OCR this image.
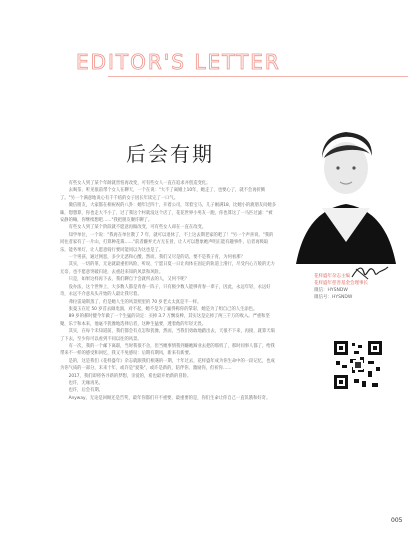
EDITOR'S LETTER
后会有期

有些女人到了某个年龄就害怕再改变，可有些女人一直在追求并创造变化。

去喝茶，听见很前带个女人在聊天，一个在说："大不了离婚上10年，她走了，也要心了，就不会再折腾了。"另一个满意地说心有千千结的女子因长年读完了一口气。

微信朋友，大家都在相祝祝的八卦：她年过四十，开着公司，驾着宝马，儿子刚满18，比她小的鹿朋友问她多睐，想想算，你也走大不小了，过了我这个村就没这个店了，花花世界小男友一跑，你也算这了一马匹过滤："被安静的嘛，你继续想吧……"我把朋友聚许聊了。

有些女人到了某个阶段就不愿意再做改变，可有些女人却在一直在改变。

知学单位，一个说："我再在单位教了 7 年，就可以退休了，不上这去期老家的吧了！"另一个声喜说，"我的同往者家有了一片山，打算种花裁……"前者嫌弃尤方无在曾，让人可以想象她声明正能有趣事件，后者再吸取乐，能务果灯，让人愿意骑行要同能同以为这也是了。

一个男孩，通过网恶，多少无恶和心酸，然而，我们又尽是的话，要不是我子育，为何看那？

其实，一切的罪，无论就最重担风险，听说，宁愿日夏一日让肉体在固定的轨道上滑行，尽受内心万般的无力无奈，也不愿意突破归途，去重赶来知的风景和风险。

只是，如果这样再下去，我们聊自于会就所去的人，又何不呢？

没办法，这个世界上，大多数人都是青春一阵子，只有极少数人能够青春一辈子，因此，永远年轻，永远好奇，永远不介意从头开始的人最让我尽着。

弗拉雷迪斯蒸了，但是她人生的风景照里的 70 岁老太太真是不一样。

张曼玉在近 50 岁首去做电演，对不起，她不是为了赢得称你的掌彩，她是为了组自己的人生添色。

89 岁的郝时健今年做了一个生猛的决定：买掉 3.7 万飘发棒，其实这是完掉了两三千万的收入。严重和坚聚，乐于和本来，他毫不犹豫地选择后者，这种生猛要，透着他的年轻无畏。

其实，在每个未知道前，我们都会有点怎和犹豫，然而，当我们勇敢地踏出去，天很不下来，再接，就算天塌了下去，至少你可以看到不同以往的风景。

有一次，我的一个邮下离职，当时我很不舍，但当她事情我到嫌她蹄业去把的那机了，那时同事人都了，给我带来不一样的感受和回忆，我又不免感叹：后期有期风，新来有新要。

是的，这是我们《花样盛年》杂志就跟我们相遇的一期，十年过去，花样盛年成为你生命中的一段记忆，也成为你气质的一部分，未来十年，或许是"爱染"，或许是新的，陪伴你，激励你，但祈你……

2017，我们即将各寻新的梦想，亲爱的，希也最开始新的冒险。

也许，无缘再见。

也许，后会有期。

Anyway，无论是回顾还是告奖，最年你都们开不重要，最重要的是，你们生命让你自己一直饥饿和好奇。

花样盛年杂志主编
花样盛年慈善基金会理事长
微信：HYSNDW
微信号：HYSNDW
005
